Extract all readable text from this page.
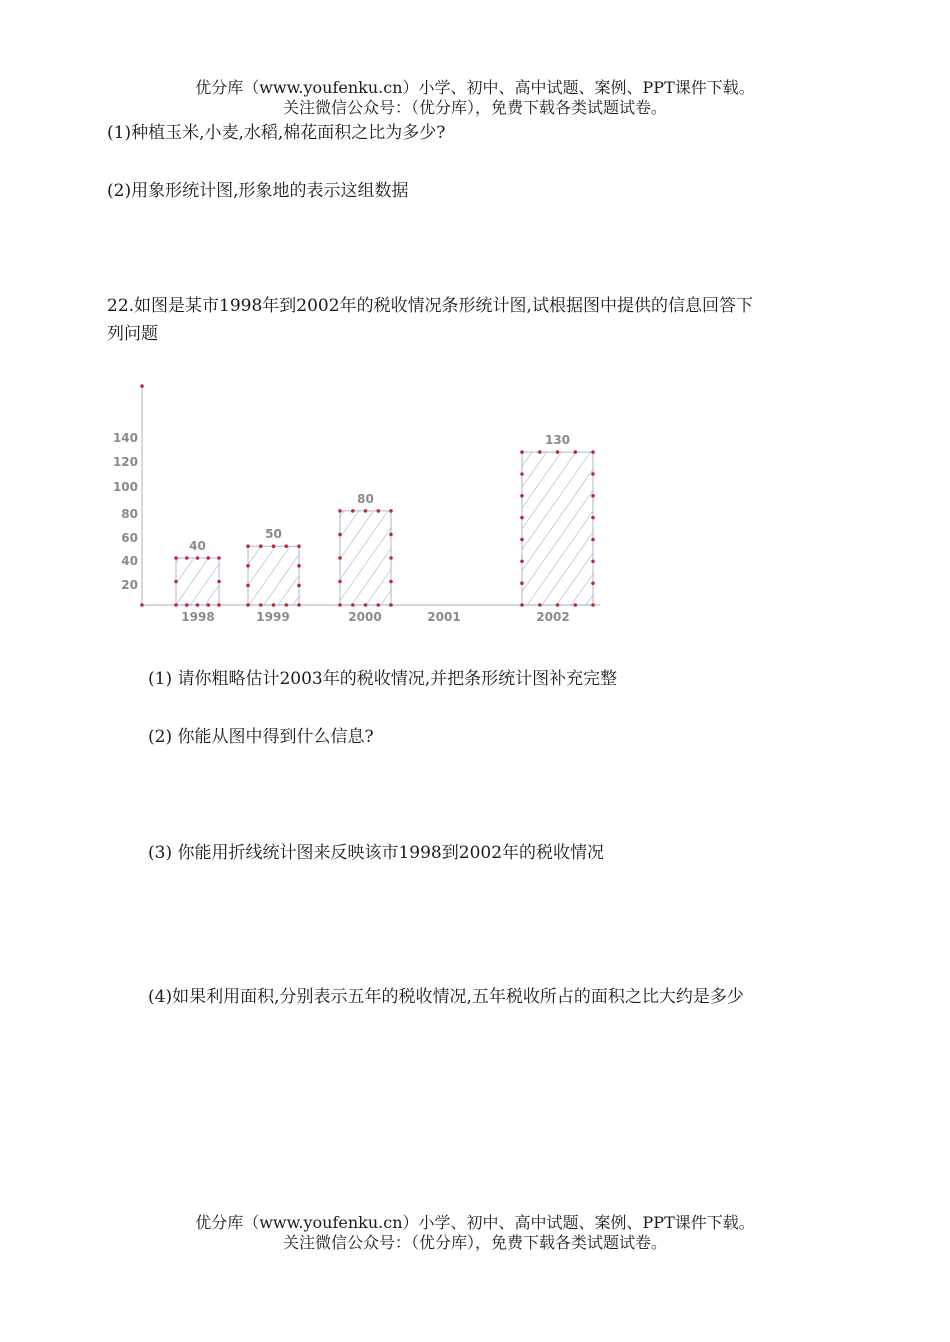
优分库（www.youfenku.cn）小学、初中、高中试题、案例、PPT课件下载。
关注微信公众号：（优分库），免费下载各类试题试卷。
(1)种植玉米,小麦,水稻,棉花面积之比为多少?
(2)用象形统计图,形象地的表示这组数据
22.如图是某市1998年到2002年的税收情况条形统计图,试根据图中提供的信息回答下
列问题
20
40
60
80
100
120
140
1998
40
1999
50
2000
80
2001	2002
130
(1) 请你粗略估计2003年的税收情况,并把条形统计图补充完整
(2) 你能从图中得到什么信息?
(3) 你能用折线统计图来反映该市1998到2002年的税收情况
(4)如果利用面积,分别表示五年的税收情况,五年税收所占的面积之比大约是多少
优分库（www.youfenku.cn）小学、初中、高中试题、案例、PPT课件下载。
关注微信公众号：（优分库），免费下载各类试题试卷。
